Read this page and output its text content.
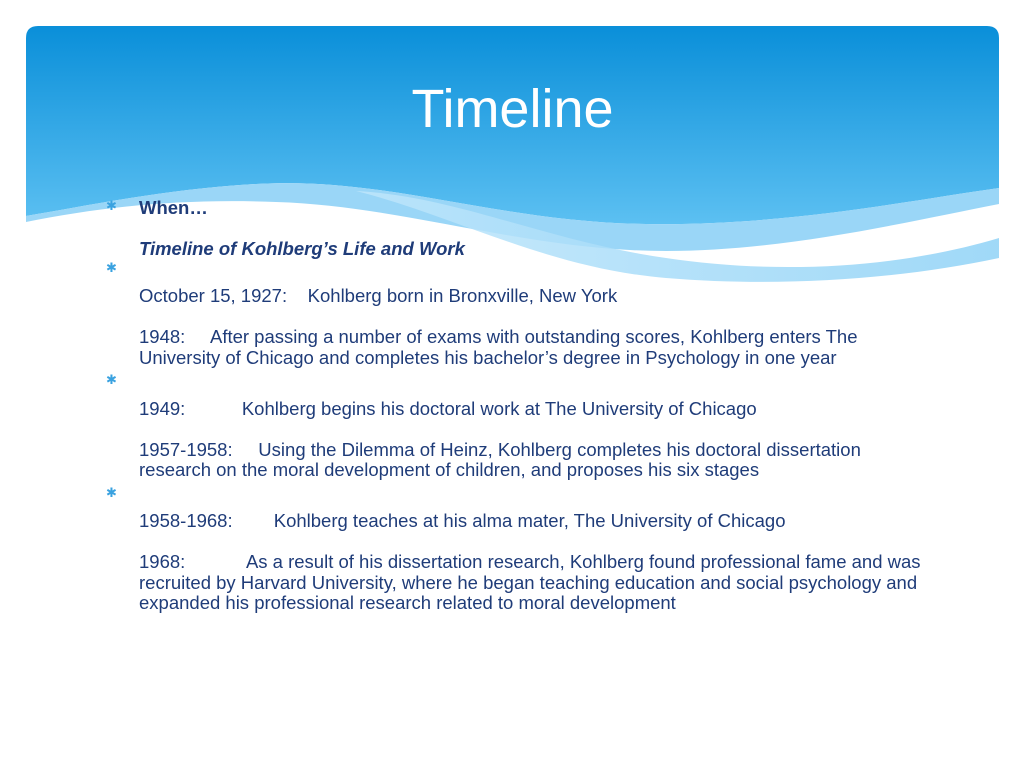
Timeline
✱ When…
Timeline of Kohlberg’s Life and Work
✱
October 15, 1927:    Kohlberg born in Bronxville, New York
1948:     After passing a number of exams with outstanding scores, Kohlberg enters The University of Chicago and completes his bachelor’s degree in Psychology in one year
✱
1949:           Kohlberg begins his doctoral work at The University of Chicago
1957-1958:     Using the Dilemma of Heinz, Kohlberg completes his doctoral dissertation research on the moral development of children, and proposes his six stages
✱
1958-1968:        Kohlberg teaches at his alma mater, The University of Chicago
1968:            As a result of his dissertation research, Kohlberg found professional fame and was recruited by Harvard University, where he began teaching education and social psychology and expanded his professional research related to moral development
